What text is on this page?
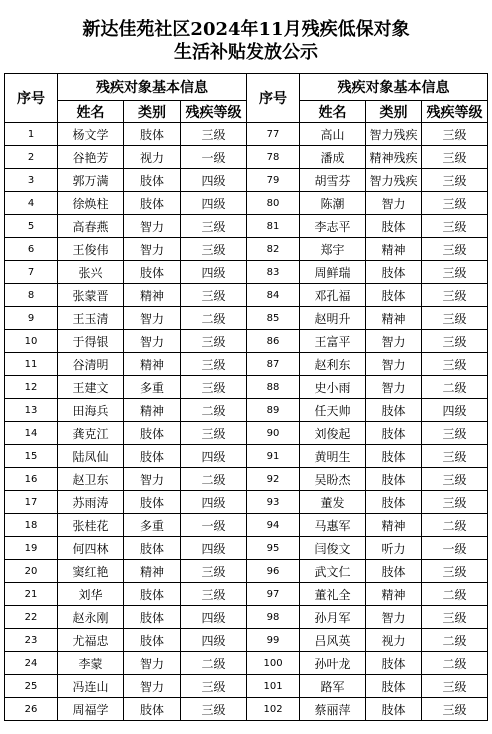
新达佳苑社区2024年11月残疾低保对象
生活补贴发放公示
序号	残疾对象基本信息			序号	残疾对象基本信息		
	姓名	类别	残疾等级		姓名	类别	残疾等级
1	杨文学	肢体	三级	77	高山	智力残疾	三级
2	谷艳芳	视力	一级	78	潘成	精神残疾	三级
3	郭万满	肢体	四级	79	胡雪芬	智力残疾	三级
4	徐焕柱	肢体	四级	80	陈潮	智力	三级
5	高春燕	智力	三级	81	李志平	肢体	三级
6	王俊伟	智力	三级	82	郑宇	精神	三级
7	张兴	肢体	四级	83	周鲜瑞	肢体	三级
8	张蒙晋	精神	三级	84	邓孔福	肢体	三级
9	王玉清	智力	二级	85	赵明升	精神	三级
10	于得银	智力	三级	86	王富平	智力	三级
11	谷清明	精神	三级	87	赵利东	智力	三级
12	王建文	多重	三级	88	史小雨	智力	二级
13	田海兵	精神	二级	89	任天帅	肢体	四级
14	龚克江	肢体	三级	90	刘俊起	肢体	三级
15	陆凤仙	肢体	四级	91	黄明生	肢体	三级
16	赵卫东	智力	二级	92	吴盼杰	肢体	三级
17	苏雨涛	肢体	四级	93	董发	肢体	三级
18	张桂花	多重	一级	94	马惠军	精神	二级
19	何四林	肢体	四级	95	闫俊文	听力	一级
20	窦红艳	精神	三级	96	武文仁	肢体	三级
21	刘华	肢体	三级	97	董礼全	精神	二级
22	赵永刚	肢体	四级	98	孙月军	智力	三级
23	尤福忠	肢体	四级	99	吕风英	视力	二级
24	李蒙	智力	二级	100	孙叶龙	肢体	二级
25	冯连山	智力	三级	101	路军	肢体	三级
26	周福学	肢体	三级	102	蔡丽萍	肢体	三级
